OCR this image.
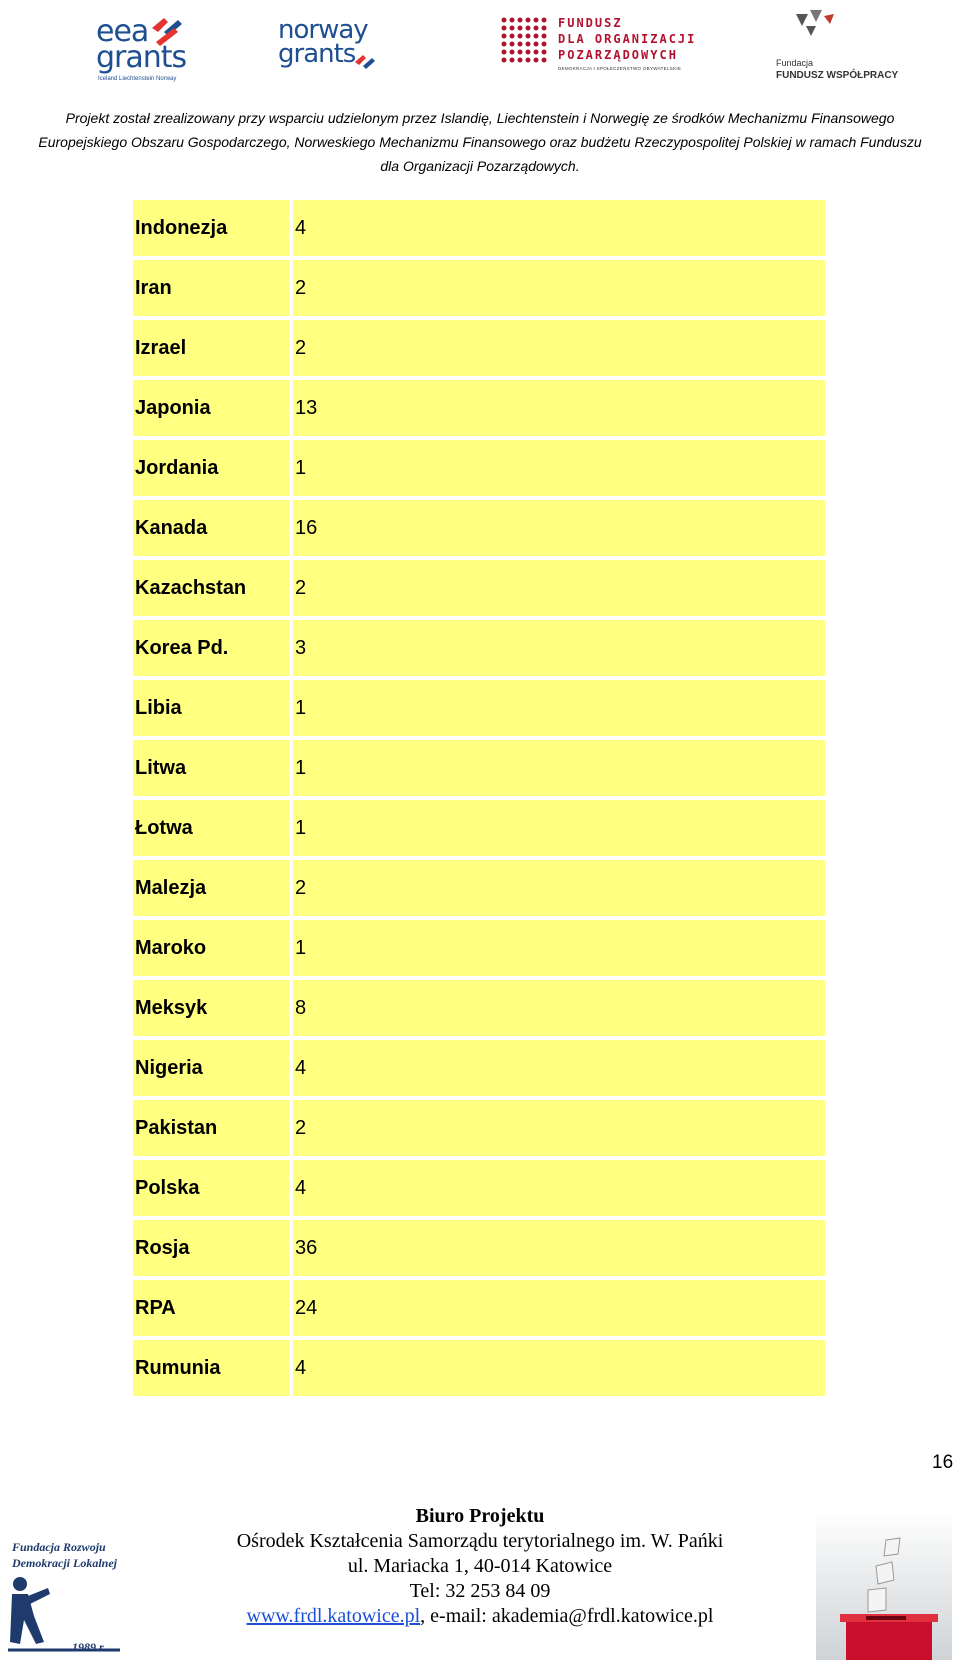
eea
grants
Iceland Liechtenstein Norway
norway
grants
FUNDUSZ
DLA ORGANIZACJI
POZARZĄDOWYCH
DEMOKRACJA I SPOŁECZEŃSTWO OBYWATELSKIE
Fundacja
FUNDUSZ WSPÓŁPRACY
Projekt został zrealizowany przy wsparciu udzielonym przez Islandię, Liechtenstein i Norwegię ze środków Mechanizmu Finansowego
Europejskiego Obszaru Gospodarczego, Norweskiego Mechanizmu Finansowego oraz budżetu Rzeczypospolitej Polskiej w ramach Funduszu
dla Organizacji Pozarządowych.
Indonezja	4
Iran	2
Izrael	2
Japonia	13
Jordania	1
Kanada	16
Kazachstan	2
Korea Pd.	3
Libia	1
Litwa	1
Łotwa	1
Malezja	2
Maroko	1
Meksyk	8
Nigeria	4
Pakistan	2
Polska	4
Rosja	36
RPA	24
Rumunia	4
16
Fundacja Rozwoju
Demokracji Lokalnej
1989 r.
Biuro Projektu
Ośrodek Kształcenia Samorządu terytorialnego im. W. Pańki
ul. Mariacka 1, 40-014 Katowice
Tel: 32 253 84 09
www.frdl.katowice.pl, e-mail: akademia@frdl.katowice.pl
